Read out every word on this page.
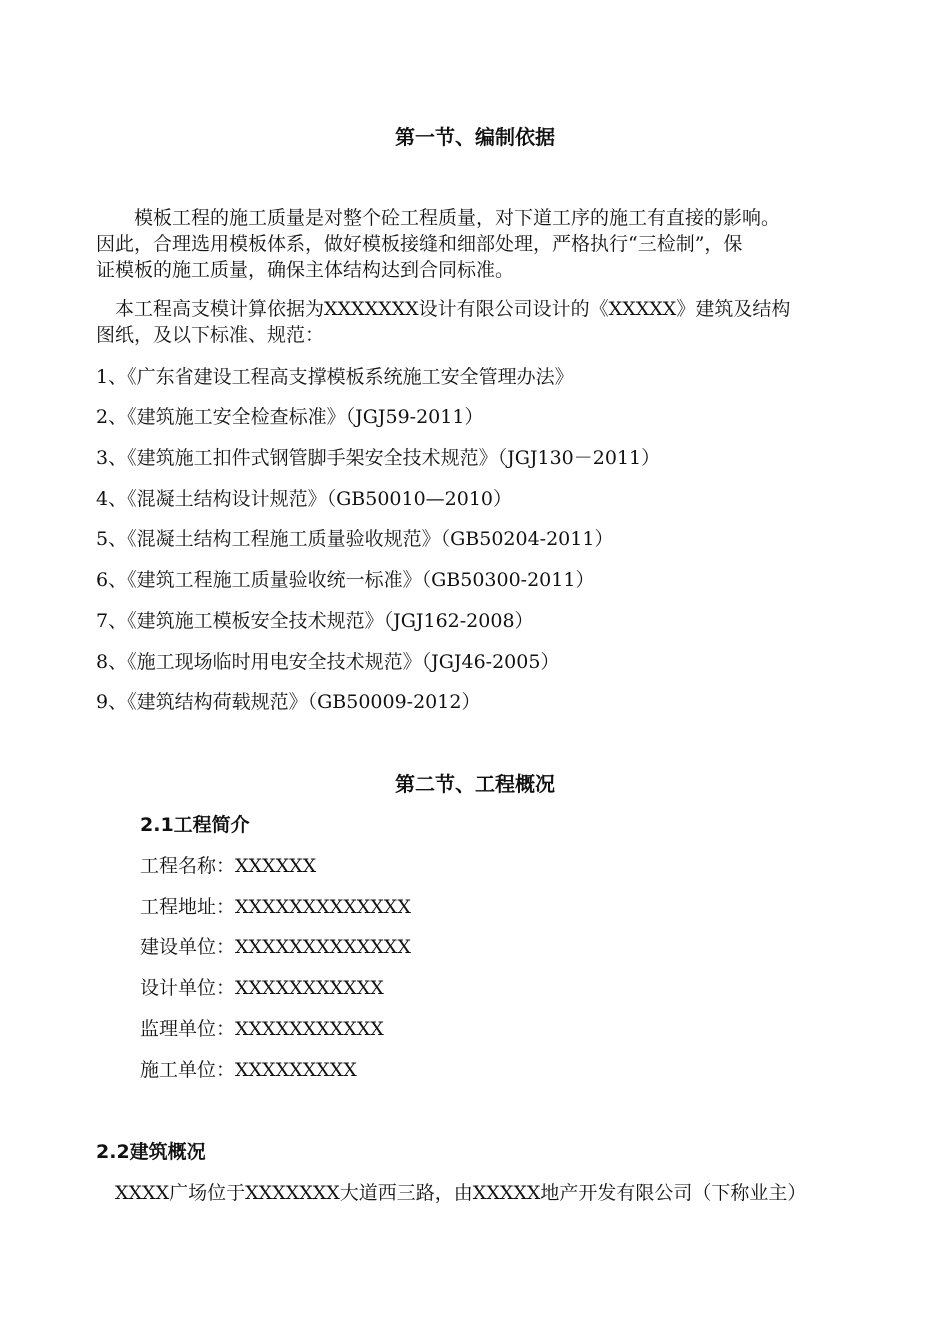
第一节、编制依据
　　模板工程的施工质量是对整个砼工程质量，对下道工序的施工有直接的影响。
因此，合理选用模板体系，做好模板接缝和细部处理，严格执行“三检制”，保
证模板的施工质量，确保主体结构达到合同标准。
　本工程高支模计算依据为XXXXXXX设计有限公司设计的《XXXXX》建筑及结构
图纸，及以下标准、规范：
1、《广东省建设工程高支撑模板系统施工安全管理办法》
2、《建筑施工安全检查标准》（JGJ59-2011）
3、《建筑施工扣件式钢管脚手架安全技术规范》（JGJ130－2011）
4、《混凝土结构设计规范》（GB50010—2010）
5、《混凝土结构工程施工质量验收规范》（GB50204-2011）
6、《建筑工程施工质量验收统一标准》（GB50300-2011）
7、《建筑施工模板安全技术规范》（JGJ162-2008）
8、《施工现场临时用电安全技术规范》（JGJ46-2005）
9、《建筑结构荷载规范》（GB50009-2012）
第二节、工程概况
2.1工程简介
工程名称：XXXXXX
工程地址：XXXXXXXXXXXXX
建设单位：XXXXXXXXXXXXX
设计单位：XXXXXXXXXXX
监理单位：XXXXXXXXXXX
施工单位：XXXXXXXXX
2.2建筑概况
　XXXX广场位于XXXXXXX大道西三路，由XXXXX地产开发有限公司（下称业主）
